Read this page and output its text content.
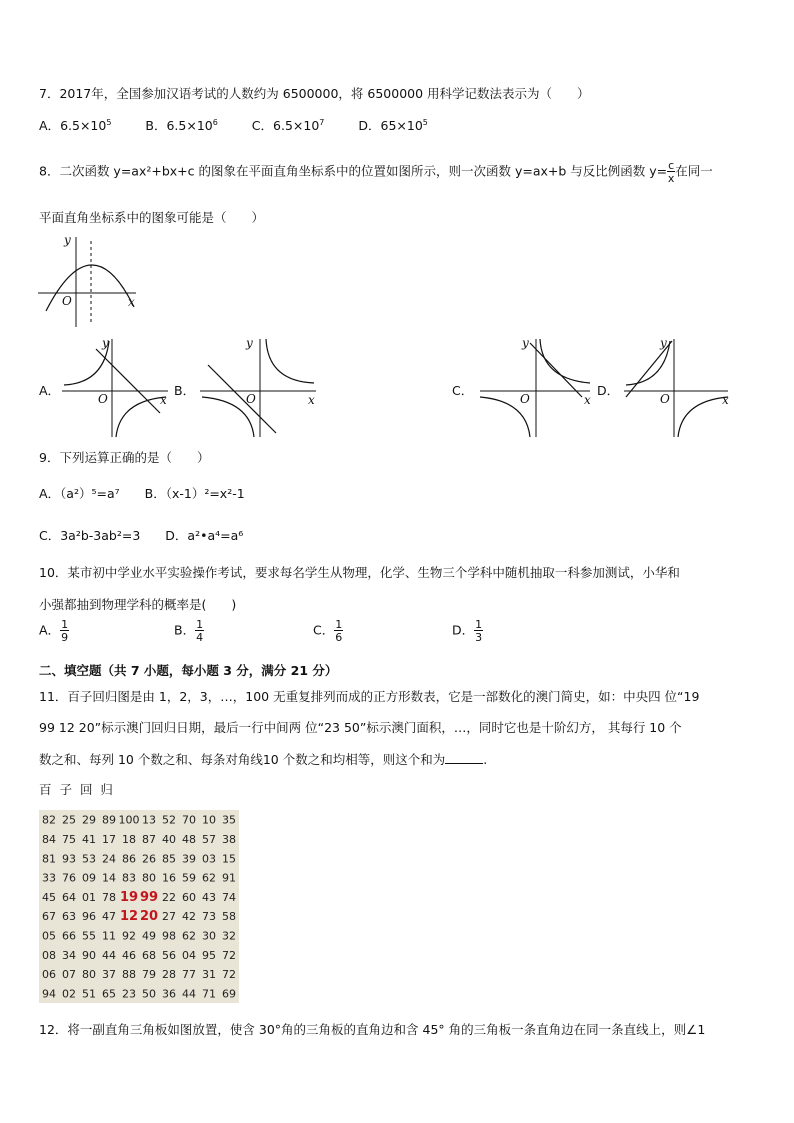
7．2017年，全国参加汉语考试的人数约为 6500000，将 6500000 用科学记数法表示为（　　）
A．$6.5\times 10^5$	B．$6.5\times 10^6$	C．$6.5\times 10^7$	D．$65\times 10^5$
8．二次函数 y=ax²+bx+c 的图象在平面直角坐标系中的位置如图所示，则一次函数 y=ax+b 与反比例函数 $y= \frac{c}{x}$ 在同一
平面直角坐标系中的图象可能是（　　）
y
x
O
A．
y
x
O
B．
y
x
O
C．
y
x
O
D．
y
x
O
9．下列运算正确的是（　　）
A．（a²）⁵=a⁷　　B．（x-1）²=x²-1
C．3a²b-3ab²=3　　D．a²•a⁴=a⁶
10．某市初中学业水平实验操作考试，要求每名学生从物理，化学、生物三个学科中随机抽取一科参加测试，小华和
小强都抽到物理学科的概率是(　　)
A． $\frac{1}{9}$	B． $\frac{1}{4}$	C． $\frac{1}{6}$	D． $\frac{1}{3}$
二、填空题（共 7 小题，每小题 3 分，满分 21 分）
11．百子回归图是由 1，2，3，…，100 无重复排列而成的正方形数表，它是一部数化的澳门简史，如：中央四 位“19
99 12 20”标示澳门回归日期，最后一行中间两 位“23 50”标示澳门面积，…，同时它也是十阶幻方， 其每行 10 个
数之和、每列 10 个数之和、每条对角线10 个数之和均相等，则这个和为	.
百 子 回 归
82 25 29 89 100 13 52 70 10 35
84 75 41 17 18 87 40 48 57 38
81 93 53 24 86 26 85 39 03 15
33 76 09 14 83 80 16 59 62 91
45 64 01 78 19 99 22 60 43 74
67 63 96 47 12 20 27 42 73 58
05 66 55 11 92 49 98 62 30 32
08 34 90 44 46 68 56 04 95 72
06 07 80 37 88 79 28 77 31 72
94 02 51 65 23 50 36 44 71 69
12．将一副直角三角板如图放置，使含 30°角的三角板的直角边和含 45° 角的三角板一条直角边在同一条直线上，则∠1
